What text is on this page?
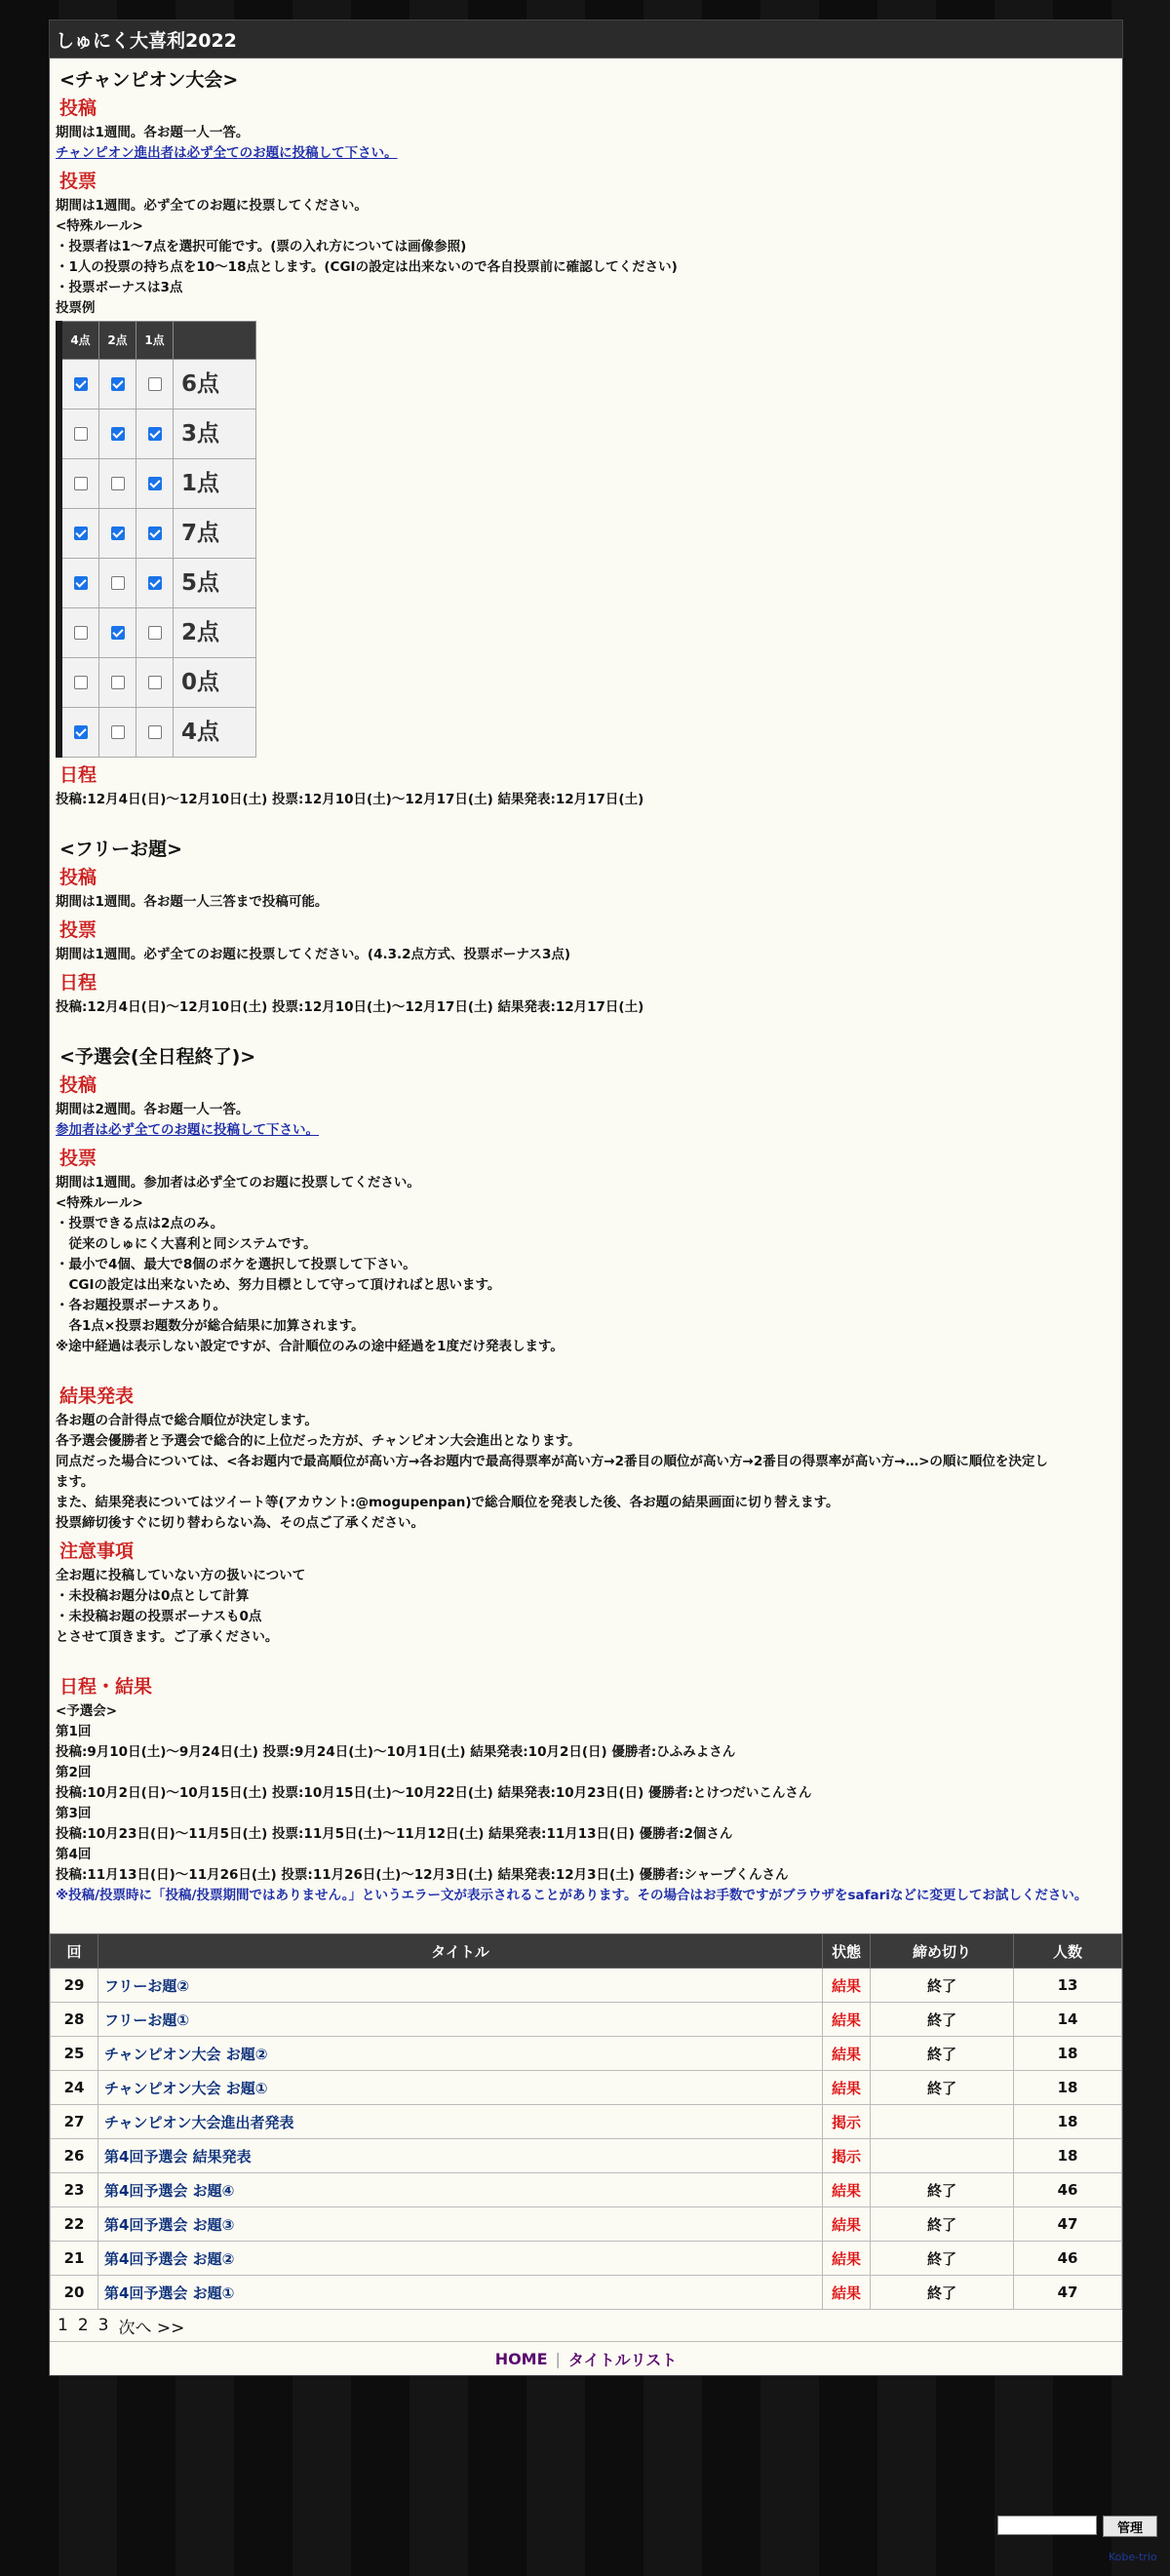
しゅにく大喜利2022
<チャンピオン大会>
投稿

期間は1週間。各お題一人一答。

チャンピオン進出者は必ず全てのお題に投稿して下さい。

投票

期間は1週間。必ず全てのお題に投票してください。

<特殊ルール>

・投票者は1〜7点を選択可能です。(票の入れ方については画像参照)

・1人の投票の持ち点を10〜18点とします。(CGIの設定は出来ないので各自投票前に確認してください)

・投票ボーナスは3点

投票例

4点	2点	1点	
			6点
			3点
			1点
			7点
			5点
			2点
			0点
			4点
日程

投稿:12月4日(日)〜12月10日(土) 投票:12月10日(土)〜12月17日(土) 結果発表:12月17日(土)

<フリーお題>
投稿

期間は1週間。各お題一人三答まで投稿可能。

投票

期間は1週間。必ず全てのお題に投票してください。(4.3.2点方式、投票ボーナス3点)

日程

投稿:12月4日(日)〜12月10日(土) 投票:12月10日(土)〜12月17日(土) 結果発表:12月17日(土)

<予選会(全日程終了)>
投稿

期間は2週間。各お題一人一答。

参加者は必ず全てのお題に投稿して下さい。

投票

期間は1週間。参加者は必ず全てのお題に投票してください。

<特殊ルール>

・投票できる点は2点のみ。

　従来のしゅにく大喜利と同システムです。

・最小で4個、最大で8個のボケを選択して投票して下さい。

　CGIの設定は出来ないため、努力目標として守って頂ければと思います。

・各お題投票ボーナスあり。

　各1点×投票お題数分が総合結果に加算されます。

※途中経過は表示しない設定ですが、合計順位のみの途中経過を1度だけ発表します。

結果発表

各お題の合計得点で総合順位が決定します。

各予選会優勝者と予選会で総合的に上位だった方が、チャンピオン大会進出となります。

同点だった場合については、<各お題内で最高順位が高い方→各お題内で最高得票率が高い方→2番目の順位が高い方→2番目の得票率が高い方→…>の順に順位を決定し

ます。

また、結果発表についてはツイート等(アカウント:@mogupenpan)で総合順位を発表した後、各お題の結果画面に切り替えます。

投票締切後すぐに切り替わらない為、その点ご了承ください。

注意事項

全お題に投稿していない方の扱いについて

・未投稿お題分は0点として計算

・未投稿お題の投票ボーナスも0点

とさせて頂きます。ご了承ください。

日程・結果

<予選会>

第1回

投稿:9月10日(土)〜9月24日(土) 投票:9月24日(土)〜10月1日(土) 結果発表:10月2日(日) 優勝者:ひふみよさん

第2回

投稿:10月2日(日)〜10月15日(土) 投票:10月15日(土)〜10月22日(土) 結果発表:10月23日(日) 優勝者:とけつだいこんさん

第3回

投稿:10月23日(日)〜11月5日(土) 投票:11月5日(土)〜11月12日(土) 結果発表:11月13日(日) 優勝者:2個さん

第4回

投稿:11月13日(日)〜11月26日(土) 投票:11月26日(土)〜12月3日(土) 結果発表:12月3日(土) 優勝者:シャープくんさん

※投稿/投票時に「投稿/投票期間ではありません。」というエラー文が表示されることがあります。その場合はお手数ですがブラウザをsafariなどに変更してお試しください。

回	タイトル	状態	締め切り	人数
29	フリーお題②	結果	終了	13
28	フリーお題①	結果	終了	14
25	チャンピオン大会 お題②	結果	終了	18
24	チャンピオン大会 お題①	結果	終了	18
27	チャンピオン大会進出者発表	掲示		18
26	第4回予選会 結果発表	掲示		18
23	第4回予選会 お題④	結果	終了	46
22	第4回予選会 お題③	結果	終了	47
21	第4回予選会 お題②	結果	終了	46
20	第4回予選会 お題①	結果	終了	47
1 2 3 次へ >>
HOME | タイトルリスト
管理
Kobe-trio
